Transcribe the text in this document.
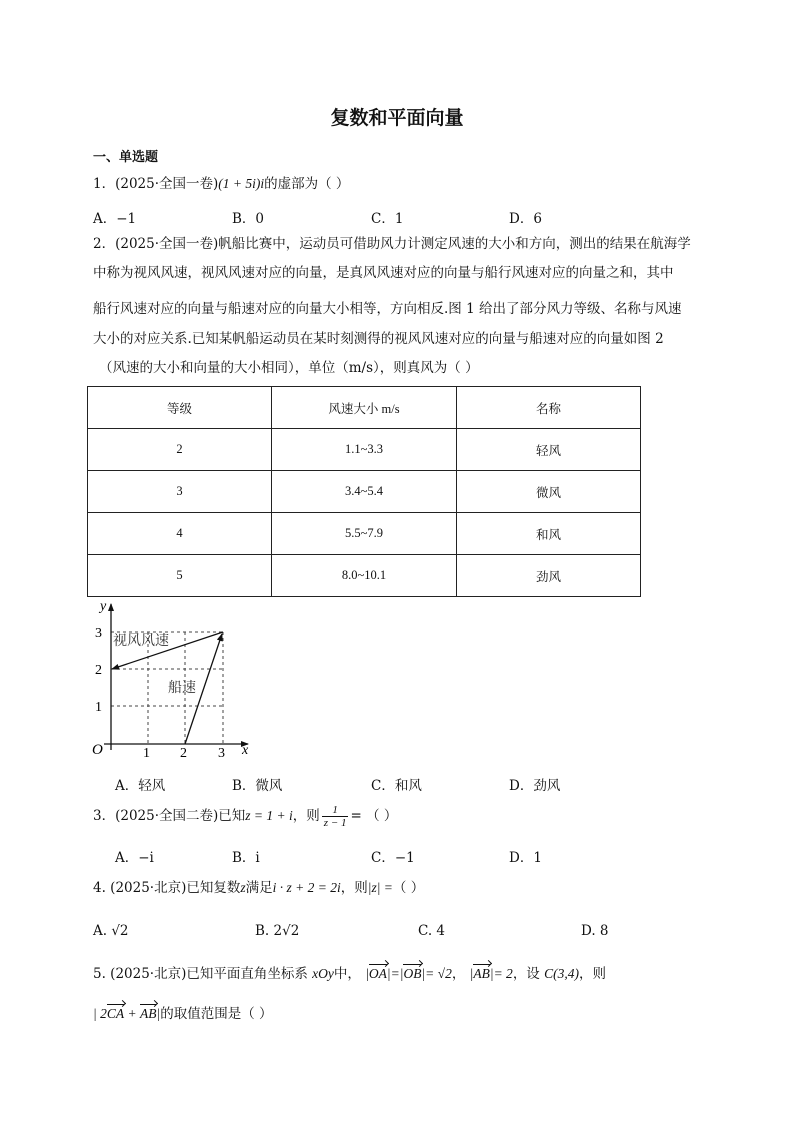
复数和平面向量
一、单选题
1．(2025·全国一卷)(1 + 5i)i的虚部为（ ）
A．−1	B．0	C．1	D．6
2．(2025·全国一卷)帆船比赛中，运动员可借助风力计测定风速的大小和方向，测出的结果在航海学
中称为视风风速，视风风速对应的向量，是真风风速对应的向量与船行风速对应的向量之和，其中
船行风速对应的向量与船速对应的向量大小相等，方向相反.图 1 给出了部分风力等级、名称与风速
大小的对应关系.已知某帆船运动员在某时刻测得的视风风速对应的向量与船速对应的向量如图 2
（风速的大小和向量的大小相同），单位（m/s），则真风为（ ）
等级	风速大小 m/s	名称
2	1.1~3.3	轻风
3	3.4~5.4	微风
4	5.5~7.9	和风
5	8.0~10.1	劲风
y
x
O	1 2 3
1
2
3 视风风速
船速
A．轻风	B．微风	C．和风	D．劲风
3．(2025·全国二卷)已知z = 1 + i，则 $\frac{1}{z - 1}$ = （ ）
A．−i	B．i	C．−1	D．1
4. (2025·北京)已知复数z满足i · z + 2 = 2i，则|z| =（ ）
A. √2	B. 2√2	C. 4	D. 8
5. (2025·北京)已知平面直角坐标系 xOy中， |OA|=|OB|= √2， |AB|= 2，设 C(3,4)，则
| 2CA + AB|的取值范围是（ ）
